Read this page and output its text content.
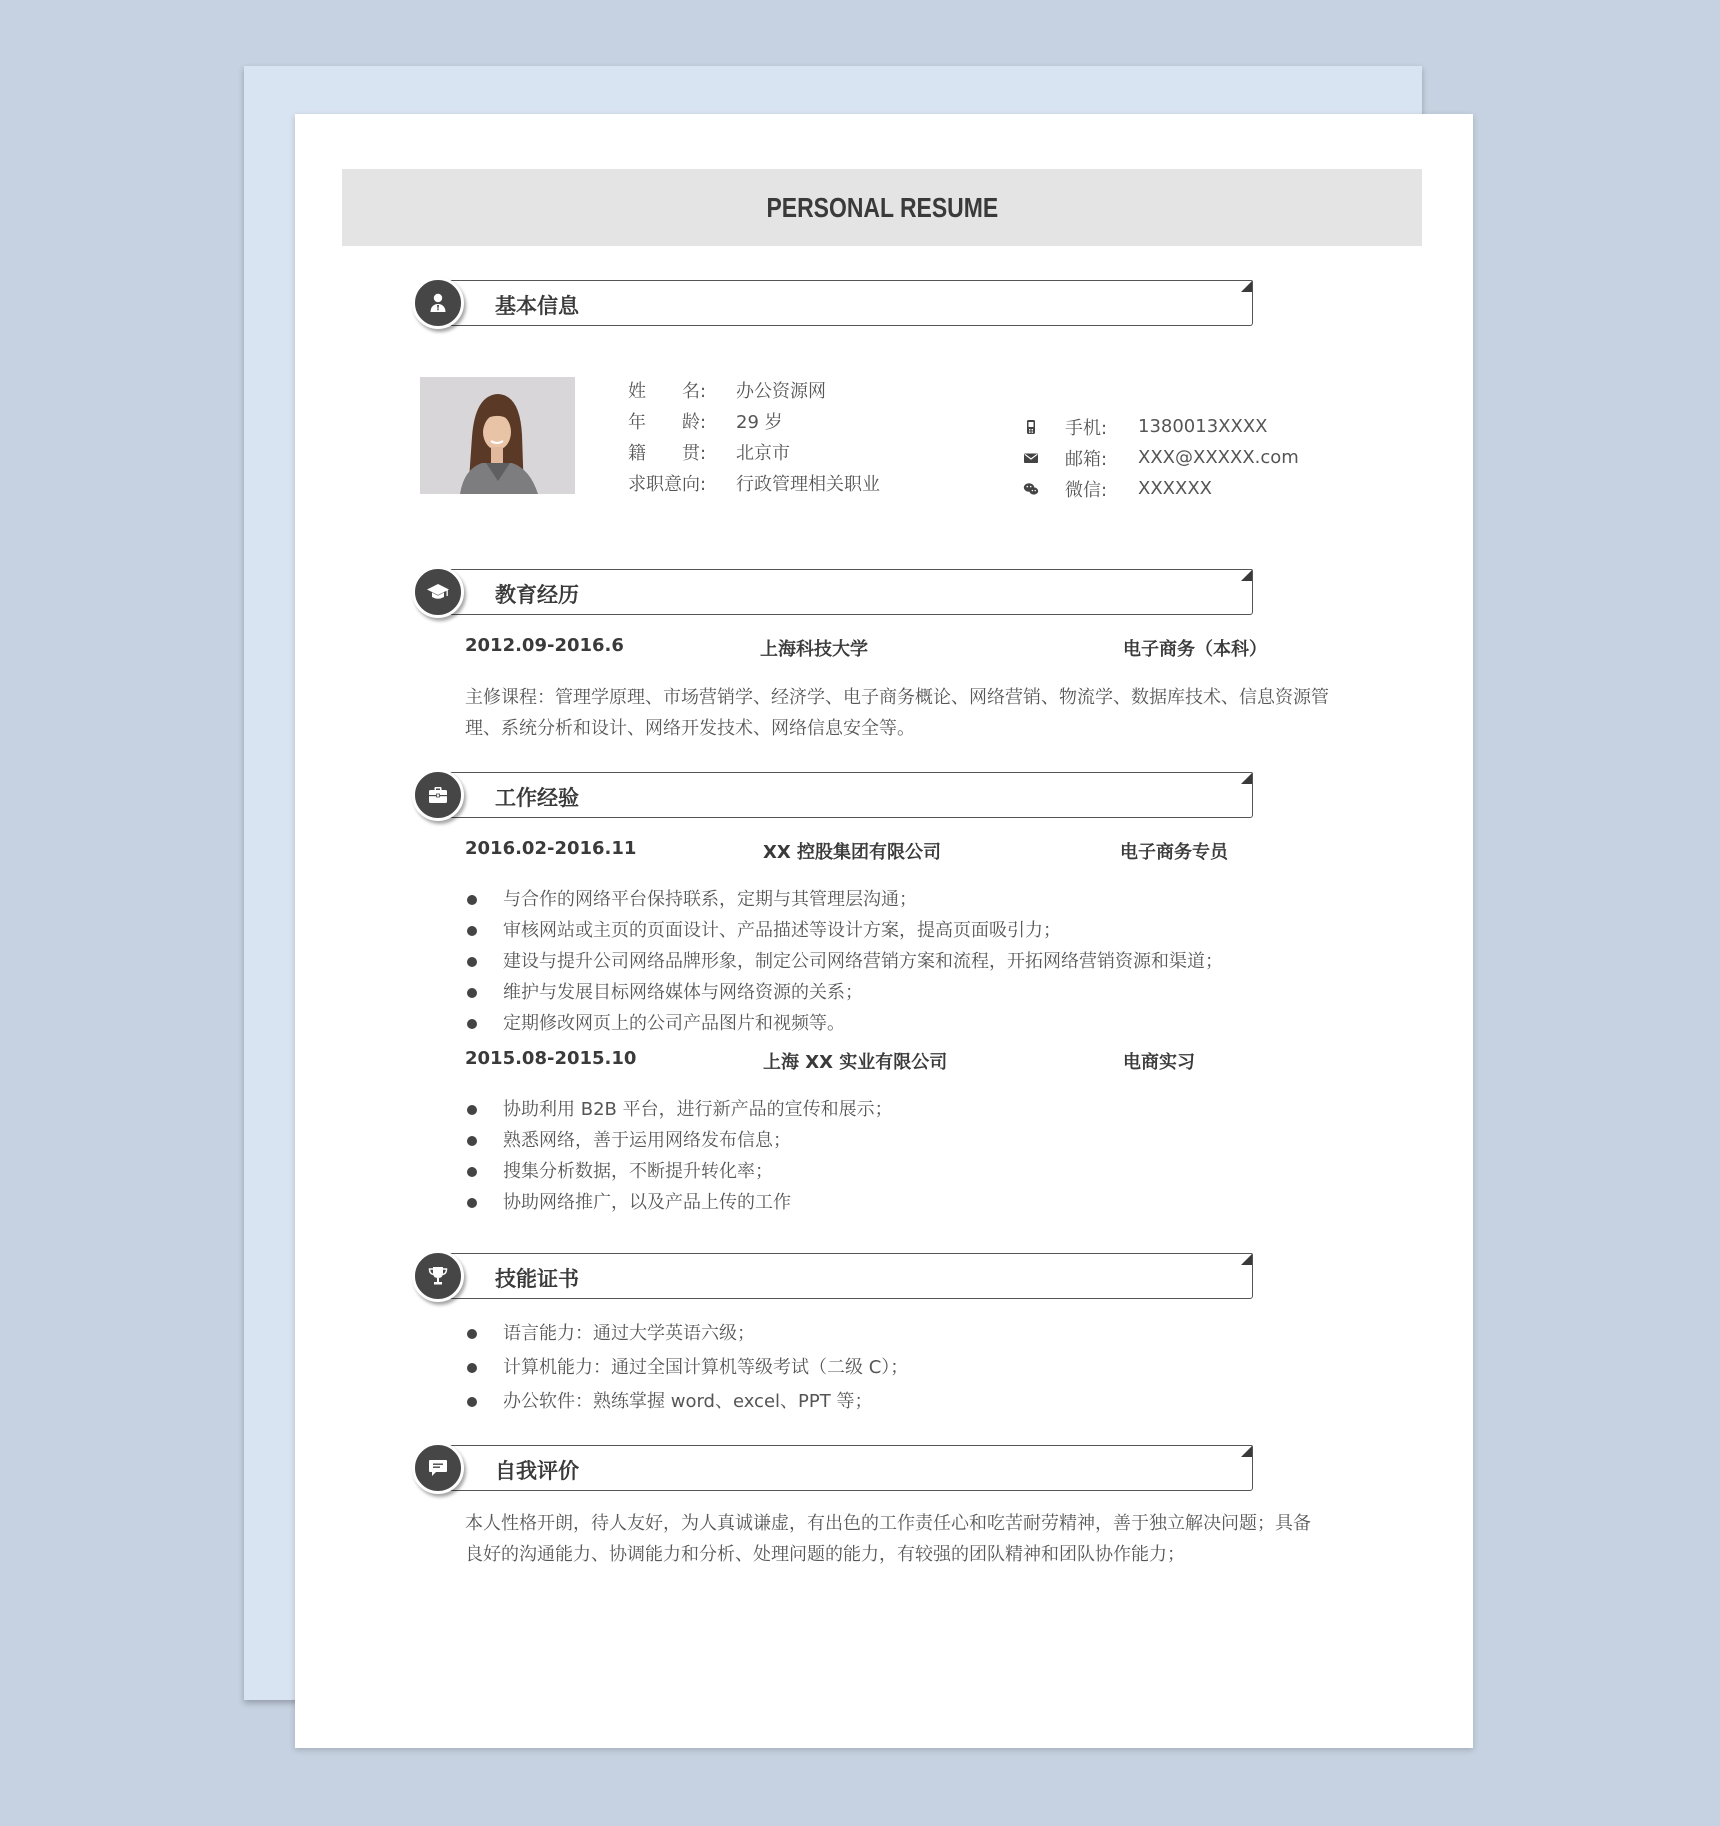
PERSONAL RESUME
基本信息
姓　　名:	办公资源网
年　　龄:	29 岁
籍　　贯:	北京市
求职意向:	行政管理相关职业
手机:	1380013XXXX
邮箱:	XXX@XXXXX.com
微信:	XXXXXX
教育经历
2012.09-2016.6	上海科技大学	电子商务（本科）
主修课程：管理学原理、市场营销学、经济学、电子商务概论、网络营销、物流学、数据库技术、信息资源管
理、系统分析和设计、网络开发技术、网络信息安全等。
工作经验
2016.02-2016.11	XX 控股集团有限公司	电子商务专员
与合作的网络平台保持联系，定期与其管理层沟通；
审核网站或主页的页面设计、产品描述等设计方案，提高页面吸引力；
建设与提升公司网络品牌形象，制定公司网络营销方案和流程，开拓网络营销资源和渠道；
维护与发展目标网络媒体与网络资源的关系；
定期修改网页上的公司产品图片和视频等。
2015.08-2015.10	上海 XX 实业有限公司	电商实习
协助利用 B2B 平台，进行新产品的宣传和展示；
熟悉网络，善于运用网络发布信息；
搜集分析数据，不断提升转化率；
协助网络推广，以及产品上传的工作
技能证书
语言能力：通过大学英语六级；
计算机能力：通过全国计算机等级考试（二级 C）；
办公软件：熟练掌握 word、excel、PPT 等；
自我评价
本人性格开朗，待人友好，为人真诚谦虚，有出色的工作责任心和吃苦耐劳精神，善于独立解决问题；具备
良好的沟通能力、协调能力和分析、处理问题的能力，有较强的团队精神和团队协作能力；
